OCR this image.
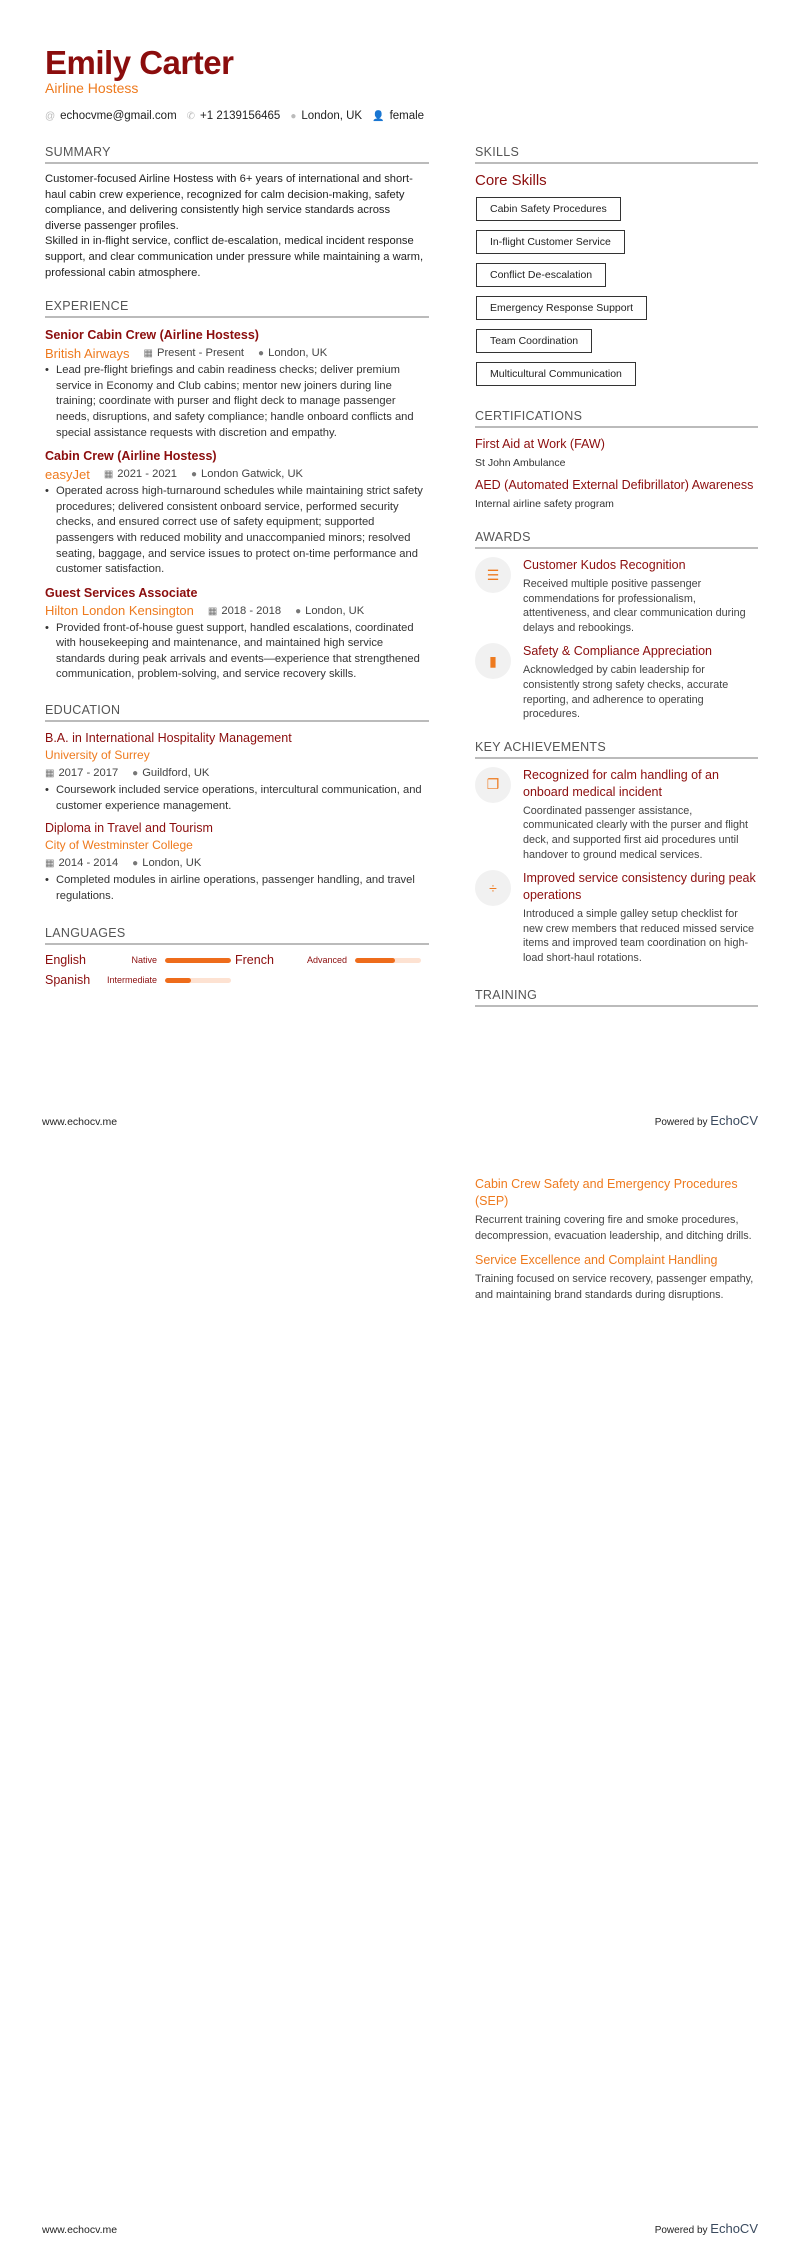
Emily Carter
Airline Hostess
@ echocvme@gmail.com ✆ +1 2139156465 ● London, UK 👤 female
SUMMARY

Customer-focused Airline Hostess with 6+ years of international and short-haul cabin crew experience, recognized for calm decision-making, safety compliance, and delivering consistently high service standards across diverse passenger profiles.

Skilled in in-flight service, conflict de-escalation, medical incident response support, and clear communication under pressure while maintaining a warm, professional cabin atmosphere.

EXPERIENCE
Senior Cabin Crew (Airline Hostess)
British Airways ▦ Present - Present ● London, UK
• Lead pre-flight briefings and cabin readiness checks; deliver premium service in Economy and Club cabins; mentor new joiners during line training; coordinate with purser and flight deck to manage passenger needs, disruptions, and safety compliance; handle onboard conflicts and special assistance requests with discretion and empathy.
Cabin Crew (Airline Hostess)
easyJet ▦ 2021 - 2021 ● London Gatwick, UK
• Operated across high-turnaround schedules while maintaining strict safety procedures; delivered consistent onboard service, performed security checks, and ensured correct use of safety equipment; supported passengers with reduced mobility and unaccompanied minors; resolved seating, baggage, and service issues to protect on-time performance and customer satisfaction.
Guest Services Associate
Hilton London Kensington ▦ 2018 - 2018 ● London, UK
• Provided front-of-house guest support, handled escalations, coordinated with housekeeping and maintenance, and maintained high service standards during peak arrivals and events—experience that strengthened communication, problem-solving, and service recovery skills.
EDUCATION
B.A. in International Hospitality Management
University of Surrey
▦ 2017 - 2017 ● Guildford, UK
• Coursework included service operations, intercultural communication, and customer experience management.
Diploma in Travel and Tourism
City of Westminster College
▦ 2014 - 2014 ● London, UK
• Completed modules in airline operations, passenger handling, and travel regulations.
LANGUAGES
English	Native	French	Advanced
Spanish	Intermediate
SKILLS
Core Skills
Cabin Safety Procedures
In-flight Customer Service
Conflict De-escalation
Emergency Response Support
Team Coordination
Multicultural Communication
CERTIFICATIONS
First Aid at Work (FAW)
St John Ambulance
AED (Automated External Defibrillator) Awareness
Internal airline safety program
AWARDS
☰
Customer Kudos Recognition
Received multiple positive passenger commendations for professionalism, attentiveness, and clear communication during delays and rebookings.
▮
Safety & Compliance Appreciation
Acknowledged by cabin leadership for consistently strong safety checks, accurate reporting, and adherence to operating procedures.
KEY ACHIEVEMENTS
❐
Recognized for calm handling of an onboard medical incident
Coordinated passenger assistance, communicated clearly with the purser and flight deck, and supported first aid procedures until handover to ground medical services.
÷
Improved service consistency during peak operations
Introduced a simple galley setup checklist for new crew members that reduced missed service items and improved team coordination on high-load short-haul rotations.
TRAINING
www.echocv.me	Powered by EchoCV
Cabin Crew Safety and Emergency Procedures (SEP)
Recurrent training covering fire and smoke procedures, decompression, evacuation leadership, and ditching drills.
Service Excellence and Complaint Handling
Training focused on service recovery, passenger empathy, and maintaining brand standards during disruptions.
www.echocv.me	Powered by EchoCV
